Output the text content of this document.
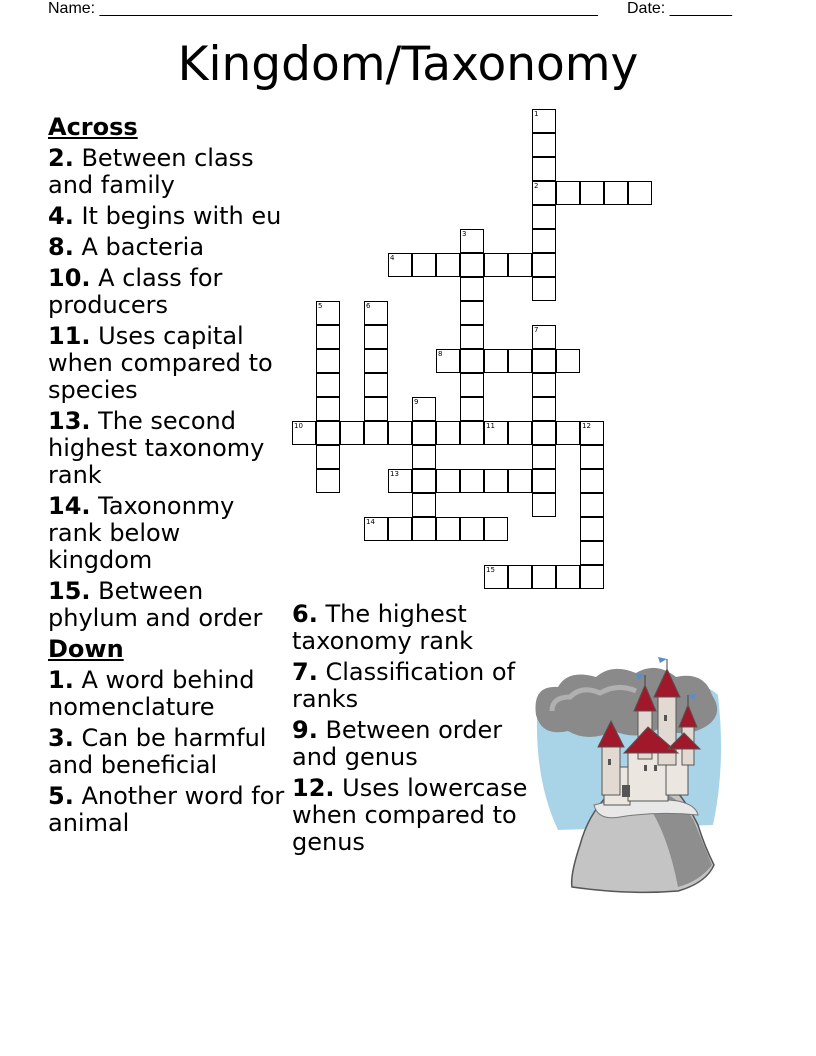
Name: ________________________________________________________ Date: _______
Kingdom/Taxonomy
Across
2. Between class and family
4. It begins with eu
8. A bacteria
10. A class for producers
11. Uses capital when compared to species
13. The second highest taxonomy rank
14. Taxononmy rank below kingdom
15. Between phylum and order
Down
1. A word behind nomenclature
3. Can be harmful and beneficial
5. Another word for animal
6. The highest taxonomy rank
7. Classification of ranks
9. Between order and genus
12. Uses lowercase when compared to genus
1
2
3
4
5	6
7
8
9
10	11	12
13
14
15
